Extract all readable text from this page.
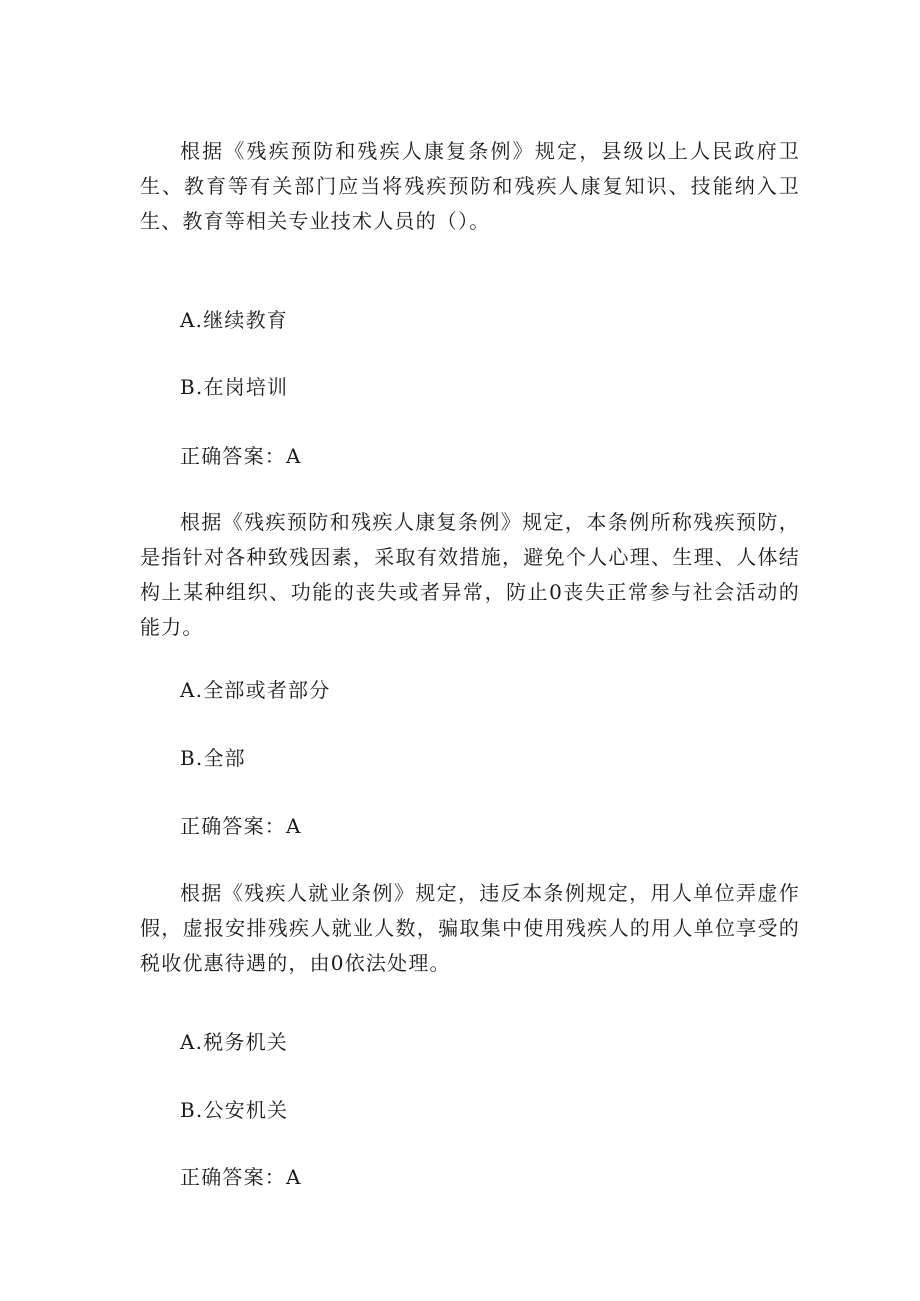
根据《残疾预防和残疾人康复条例》规定，县级以上人民政府卫生、教育等有关部门应当将残疾预防和残疾人康复知识、技能纳入卫生、教育等相关专业技术人员的（）。

A.继续教育

B.在岗培训

正确答案：A

根据《残疾预防和残疾人康复条例》规定，本条例所称残疾预防，是指针对各种致残因素，采取有效措施，避免个人心理、生理、人体结构上某种组织、功能的丧失或者异常，防止0丧失正常参与社会活动的能力。

A.全部或者部分

B.全部

正确答案：A

根据《残疾人就业条例》规定，违反本条例规定，用人单位弄虚作假，虚报安排残疾人就业人数，骗取集中使用残疾人的用人单位享受的税收优惠待遇的，由0依法处理。

A.税务机关

B.公安机关

正确答案：A
